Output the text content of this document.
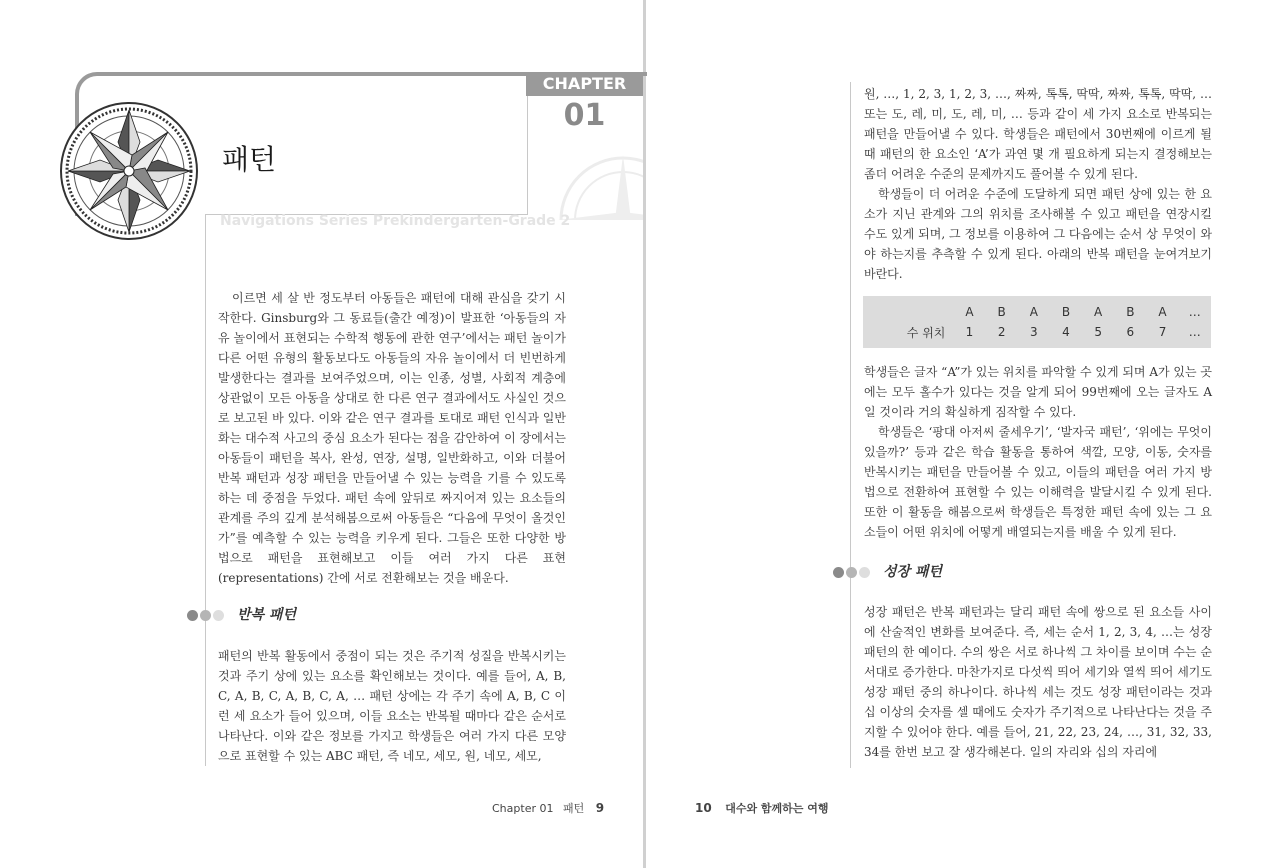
CHAPTER
01
패턴
Navigations Series Prekindergarten-Grade 2

이르면 세 살 반 정도부터 아동들은 패턴에 대해 관심을 갖기 시작한다. Ginsburg와 그 동료들(출간 예정)이 발표한 ‘아동들의 자유 놀이에서 표현되는 수학적 행동에 관한 연구’에서는 패턴 놀이가 다른 어떤 유형의 활동보다도 아동들의 자유 놀이에서 더 빈번하게 발생한다는 결과를 보여주었으며, 이는 인종, 성별, 사회적 계층에 상관없이 모든 아동을 상대로 한 다른 연구 결과에서도 사실인 것으로 보고된 바 있다. 이와 같은 연구 결과를 토대로 패턴 인식과 일반화는 대수적 사고의 중심 요소가 된다는 점을 감안하여 이 장에서는 아동들이 패턴을 복사, 완성, 연장, 설명, 일반화하고, 이와 더불어 반복 패턴과 성장 패턴을 만들어낼 수 있는 능력을 기를 수 있도록 하는 데 중점을 두었다. 패턴 속에 앞뒤로 짜지어져 있는 요소들의 관계를 주의 깊게 분석해봄으로써 아동들은 “다음에 무엇이 올것인가”를 예측할 수 있는 능력을 키우게 된다. 그들은 또한 다양한 방법으로 패턴을 표현해보고 이들 여러 가지 다른 표현(representations) 간에 서로 전환해보는 것을 배운다.

반복 패턴

패턴의 반복 활동에서 중점이 되는 것은 주기적 성질을 반복시키는 것과 주기 상에 있는 요소를 확인해보는 것이다. 예를 들어, A, B, C, A, B, C, A, B, C, A, … 패턴 상에는 각 주기 속에 A, B, C 이런 세 요소가 들어 있으며, 이들 요소는 반복될 때마다 같은 순서로 나타난다. 이와 같은 정보를 가지고 학생들은 여러 가지 다른 모양으로 표현할 수 있는 ABC 패턴, 즉 네모, 세모, 원, 네모, 세모,

Chapter 01 패턴 9

원, …, 1, 2, 3, 1, 2, 3, …, 짜짜, 톡톡, 딱딱, 짜짜, 톡톡, 딱딱, … 또는 도, 레, 미, 도, 레, 미, … 등과 같이 세 가지 요소로 반복되는 패턴을 만들어낼 수 있다. 학생들은 패턴에서 30번째에 이르게 될 때 패턴의 한 요소인 ‘A’가 과연 몇 개 필요하게 되는지 결정해보는 좀더 어려운 수준의 문제까지도 풀어볼 수 있게 된다.

학생들이 더 어려운 수준에 도달하게 되면 패턴 상에 있는 한 요소가 지닌 관계와 그의 위치를 조사해볼 수 있고 패턴을 연장시킬 수도 있게 되며, 그 정보를 이용하여 그 다음에는 순서 상 무엇이 와야 하는지를 추측할 수 있게 된다. 아래의 반복 패턴을 눈여겨보기 바란다.

	A	B	A	B	A	B	A	…
수 위치	1	2	3	4	5	6	7	…

학생들은 글자 “A”가 있는 위치를 파악할 수 있게 되며 A가 있는 곳에는 모두 홀수가 있다는 것을 알게 되어 99번째에 오는 글자도 A일 것이라 거의 확실하게 짐작할 수 있다.

학생들은 ‘팡대 아저씨 줄세우기’, ‘발자국 패턴’, ‘위에는 무엇이 있을까?’ 등과 같은 학습 활동을 통하여 색깔, 모양, 이동, 숫자를 반복시키는 패턴을 만들어볼 수 있고, 이들의 패턴을 여러 가지 방법으로 전환하여 표현할 수 있는 이해력을 발달시킬 수 있게 된다. 또한 이 활동을 해봄으로써 학생들은 특정한 패턴 속에 있는 그 요소들이 어떤 위치에 어떻게 배열되는지를 배울 수 있게 된다.

성장 패턴

성장 패턴은 반복 패턴과는 달리 패턴 속에 쌍으로 된 요소들 사이에 산술적인 변화를 보여준다. 즉, 세는 순서 1, 2, 3, 4, …는 성장 패턴의 한 예이다. 수의 쌍은 서로 하나씩 그 차이를 보이며 수는 순서대로 증가한다. 마찬가지로 다섯씩 띄어 세기와 열씩 띄어 세기도 성장 패턴 중의 하나이다. 하나씩 세는 것도 성장 패턴이라는 것과 십 이상의 숫자를 셀 때에도 숫자가 주기적으로 나타난다는 것을 주지할 수 있어야 한다. 예를 들어, 21, 22, 23, 24, …, 31, 32, 33, 34를 한번 보고 잘 생각해본다. 일의 자리와 십의 자리에

10 대수와 함께하는 여행
